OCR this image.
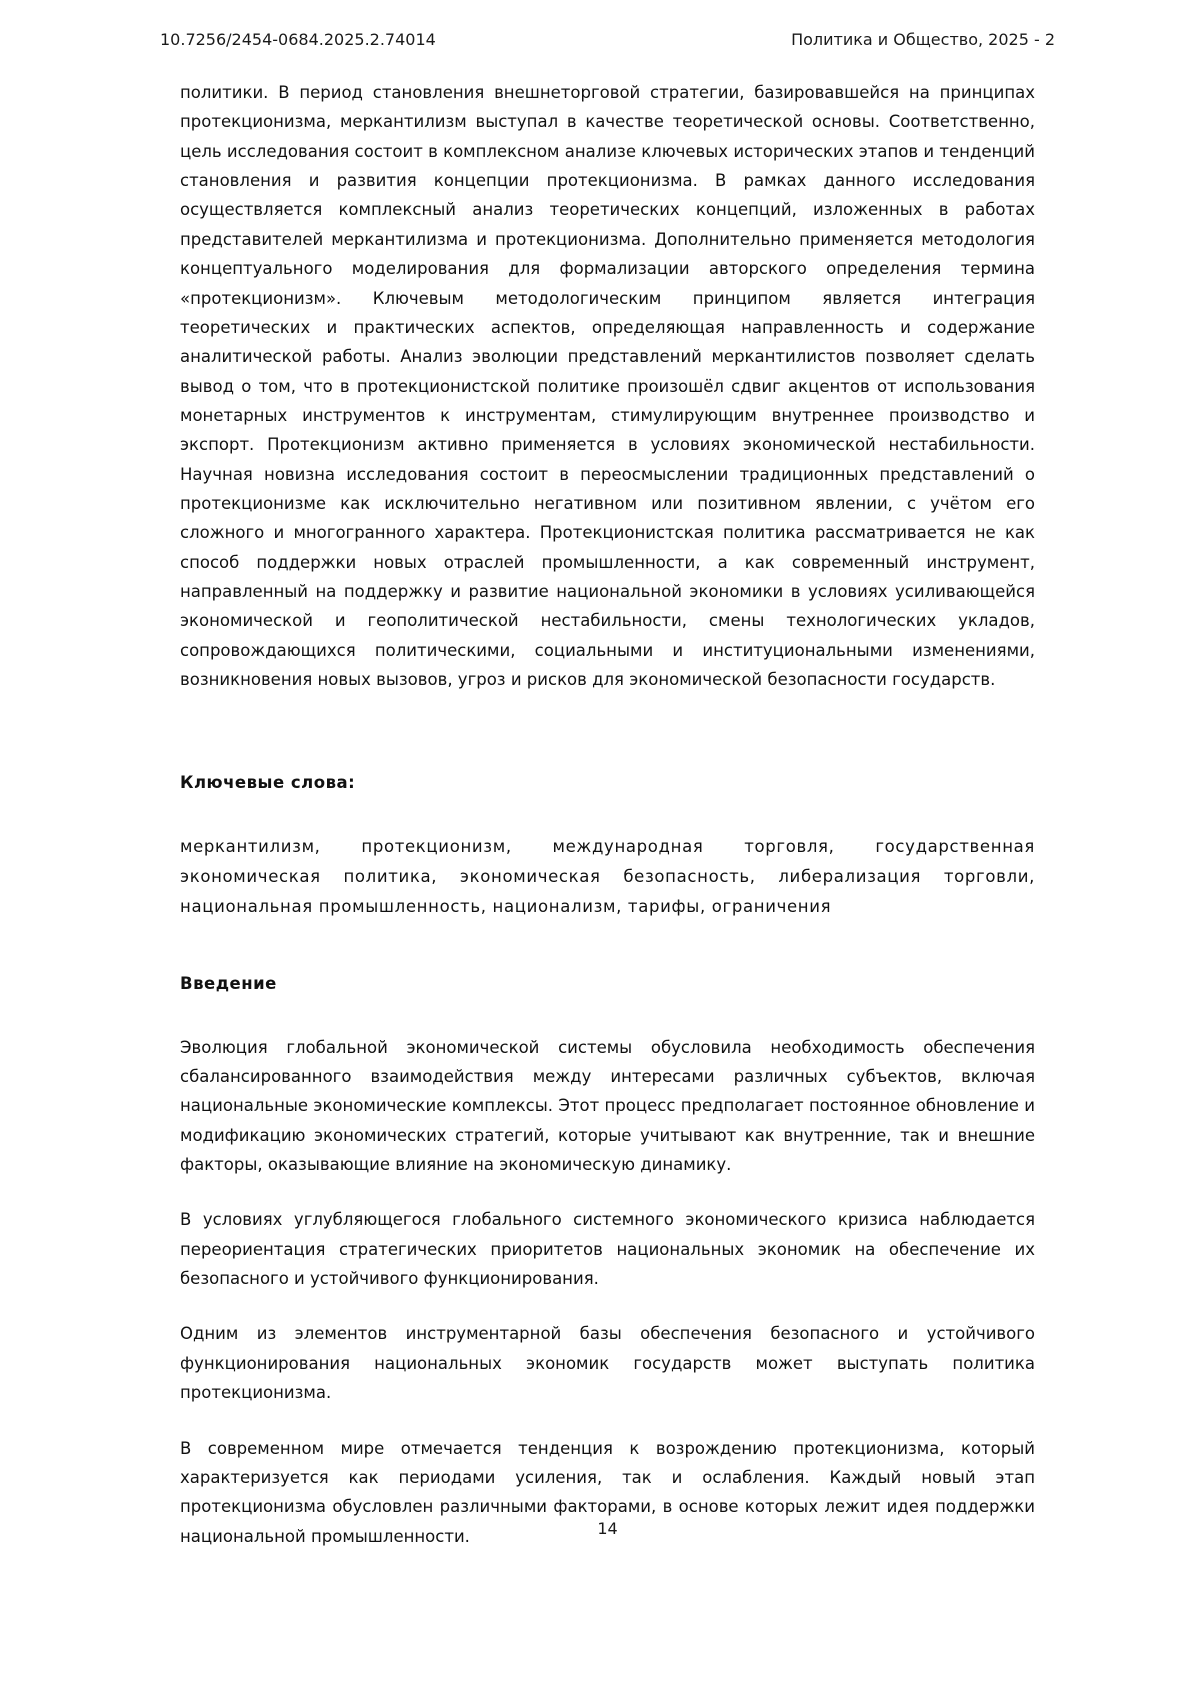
10.7256/2454-0684.2025.2.74014	Политика и Общество, 2025 - 2

политики. В период становления внешнеторговой стратегии, базировавшейся на принципах протекционизма, меркантилизм выступал в качестве теоретической основы. Соответственно, цель исследования состоит в комплексном анализе ключевых исторических этапов и тенденций становления и развития концепции протекционизма. В рамках данного исследования осуществляется комплексный анализ теоретических концепций, изложенных в работах представителей меркантилизма и протекционизма. Дополнительно применяется методология концептуального моделирования для формализации авторского определения термина «протекционизм». Ключевым методологическим принципом является интеграция теоретических и практических аспектов, определяющая направленность и содержание аналитической работы. Анализ эволюции представлений меркантилистов позволяет сделать вывод о том, что в протекционистской политике произошёл сдвиг акцентов от использования монетарных инструментов к инструментам, стимулирующим внутреннее производство и экспорт. Протекционизм активно применяется в условиях экономической нестабильности. Научная новизна исследования состоит в переосмыслении традиционных представлений о протекционизме как исключительно негативном или позитивном явлении, с учётом его сложного и многогранного характера. Протекционистская политика рассматривается не как способ поддержки новых отраслей промышленности, а как современный инструмент, направленный на поддержку и развитие национальной экономики в условиях усиливающейся экономической и геополитической нестабильности, смены технологических укладов, сопровождающихся политическими, социальными и институциональными изменениями, возникновения новых вызовов, угроз и рисков для экономической безопасности государств.

Ключевые слова:

меркантилизм, протекционизм, международная торговля, государственная экономическая политика, экономическая безопасность, либерализация торговли, национальная промышленность, национализм, тарифы, ограничения

Введение

Эволюция глобальной экономической системы обусловила необходимость обеспечения сбалансированного взаимодействия между интересами различных субъектов, включая национальные экономические комплексы. Этот процесс предполагает постоянное обновление и модификацию экономических стратегий, которые учитывают как внутренние, так и внешние факторы, оказывающие влияние на экономическую динамику.

В условиях углубляющегося глобального системного экономического кризиса наблюдается переориентация стратегических приоритетов национальных экономик на обеспечение их безопасного и устойчивого функционирования.

Одним из элементов инструментарной базы обеспечения безопасного и устойчивого функционирования национальных экономик государств может выступать политика протекционизма.

В современном мире отмечается тенденция к возрождению протекционизма, который характеризуется как периодами усиления, так и ослабления. Каждый новый этап протекционизма обусловлен различными факторами, в основе которых лежит идея поддержки национальной промышленности.	14
